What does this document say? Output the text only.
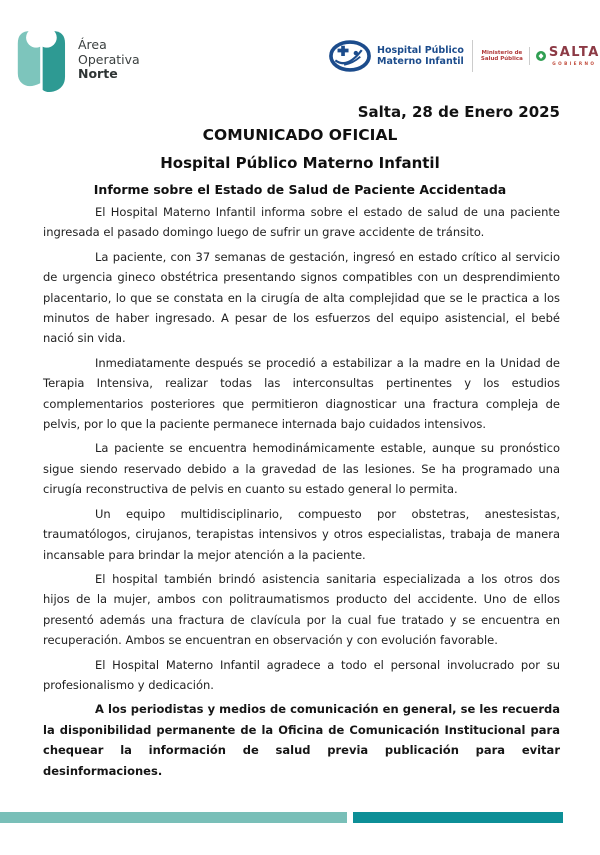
Área
Operativa
Norte
Hospital Público
Materno Infantil
Ministerio de
Salud Pública SALTA
GOBIERNO
Salta, 28 de Enero 2025
COMUNICADO OFICIAL
Hospital Público Materno Infantil
Informe sobre el Estado de Salud de Paciente Accidentada

El Hospital Materno Infantil informa sobre el estado de salud de una paciente ingresada el pasado domingo luego de sufrir un grave accidente de tránsito.

La paciente, con 37 semanas de gestación, ingresó en estado crítico al servicio de urgencia gineco obstétrica presentando signos compatibles con un desprendimiento placentario, lo que se constata en la cirugía de alta complejidad que se le practica a los minutos de haber ingresado. A pesar de los esfuerzos del equipo asistencial, el bebé nació sin vida.

Inmediatamente después se procedió a estabilizar a la madre en la Unidad de Terapia Intensiva, realizar todas las interconsultas pertinentes y los estudios complementarios posteriores que permitieron diagnosticar una fractura compleja de pelvis, por lo que la paciente permanece internada bajo cuidados intensivos.

La paciente se encuentra hemodinámicamente estable, aunque su pronóstico sigue siendo reservado debido a la gravedad de las lesiones. Se ha programado una cirugía reconstructiva de pelvis en cuanto su estado general lo permita.

Un equipo multidisciplinario, compuesto por obstetras, anestesistas, traumatólogos, cirujanos, terapistas intensivos y otros especialistas, trabaja de manera incansable para brindar la mejor atención a la paciente.

El hospital también brindó asistencia sanitaria especializada a los otros dos hijos de la mujer, ambos con politraumatismos producto del accidente. Uno de ellos presentó además una fractura de clavícula por la cual fue tratado y se encuentra en recuperación. Ambos se encuentran en observación y con evolución favorable.

El Hospital Materno Infantil agradece a todo el personal involucrado por su profesionalismo y dedicación.

A los periodistas y medios de comunicación en general, se les recuerda la disponibilidad permanente de la Oficina de Comunicación Institucional para chequear la información de salud previa publicación para evitar desinformaciones.
